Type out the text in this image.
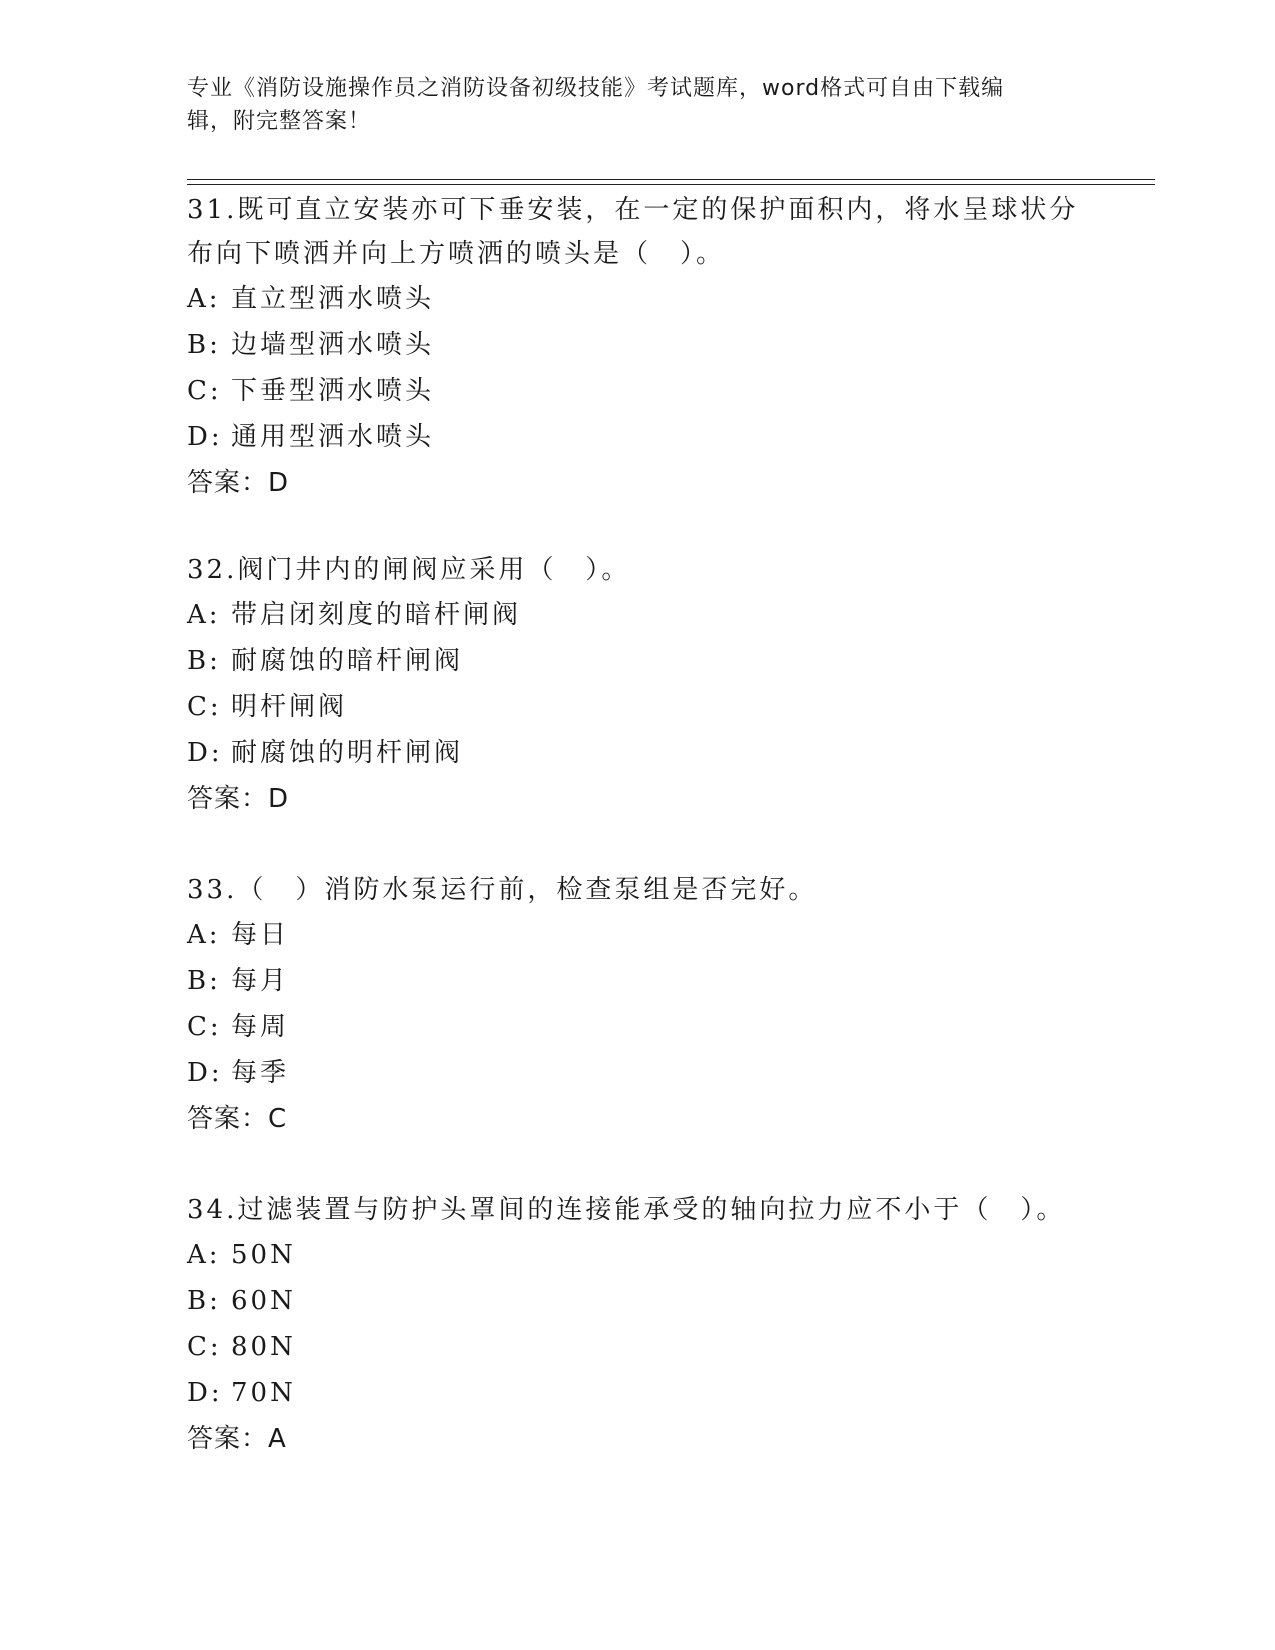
专业《消防设施操作员之消防设备初级技能》考试题库，word格式可自由下载编
辑，附完整答案！
31.既可直立安装亦可下垂安装，在一定的保护面积内，将水呈球状分
布向下喷洒并向上方喷洒的喷头是（　）。
A: 直立型洒水喷头
B: 边墙型洒水喷头
C: 下垂型洒水喷头
D: 通用型洒水喷头
答案：D
32.阀门井内的闸阀应采用（　）。
A: 带启闭刻度的暗杆闸阀
B: 耐腐蚀的暗杆闸阀
C: 明杆闸阀
D: 耐腐蚀的明杆闸阀
答案：D
33.（　）消防水泵运行前，检查泵组是否完好。
A: 每日
B: 每月
C: 每周
D: 每季
答案：C
34.过滤装置与防护头罩间的连接能承受的轴向拉力应不小于（　）。
A: 50N
B: 60N
C: 80N
D: 70N
答案：A
